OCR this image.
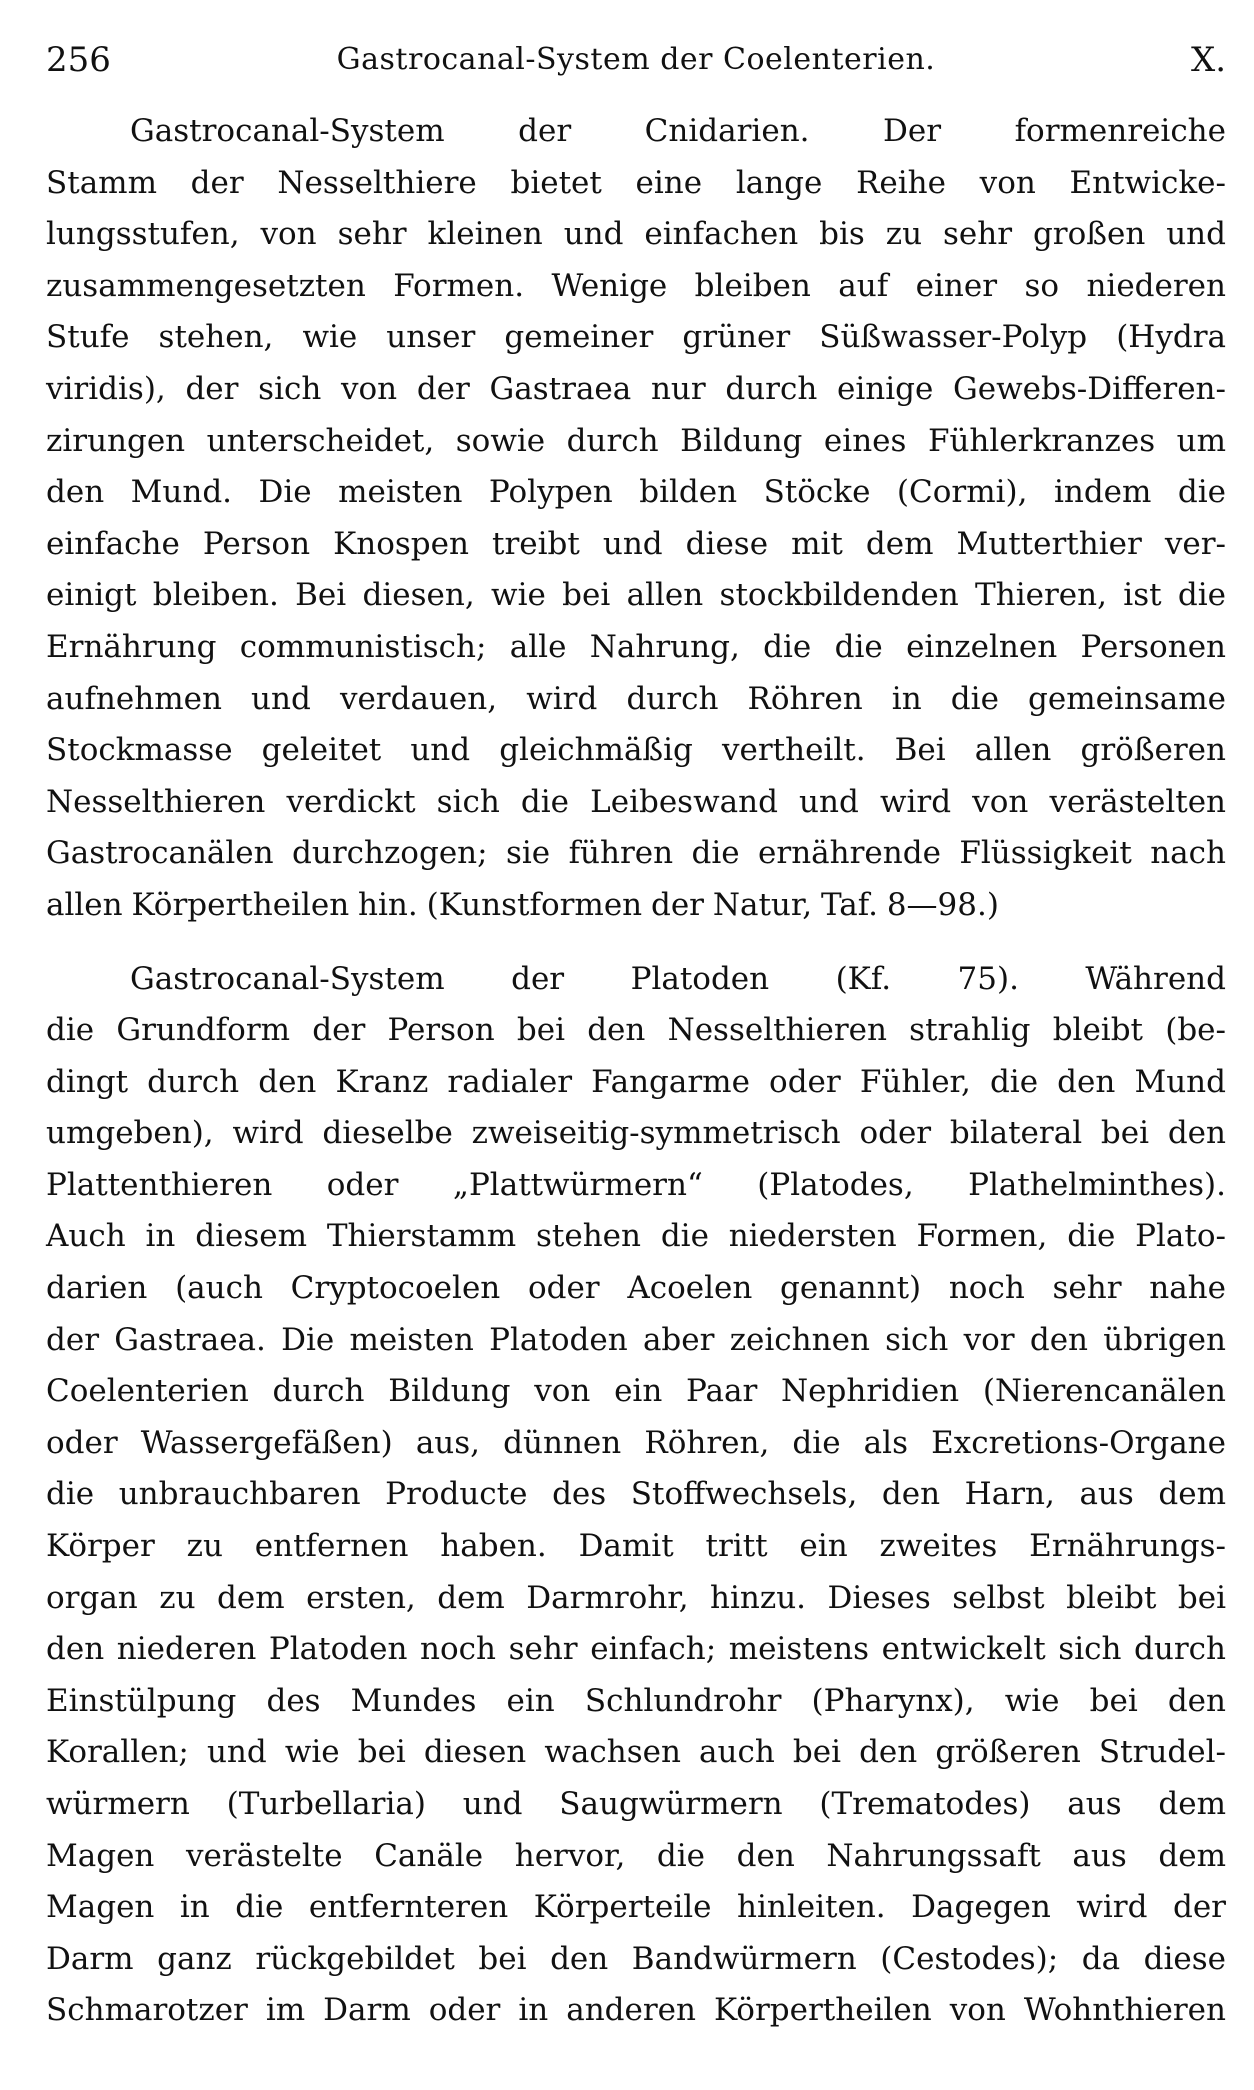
256	Gastrocanal-System der Coelenterien.	X.
Gastrocanal-System der Cnidarien. Der formenreiche
Stamm der Nesselthiere bietet eine lange Reihe von Entwicke-
lungsstufen, von sehr kleinen und einfachen bis zu sehr großen und
zusammengesetzten Formen. Wenige bleiben auf einer so niederen
Stufe stehen, wie unser gemeiner grüner Süßwasser-Polyp (Hydra
viridis), der sich von der Gastraea nur durch einige Gewebs-Differen-
zirungen unterscheidet, sowie durch Bildung eines Fühlerkranzes um
den Mund. Die meisten Polypen bilden Stöcke (Cormi), indem die
einfache Person Knospen treibt und diese mit dem Mutterthier ver-
einigt bleiben. Bei diesen, wie bei allen stockbildenden Thieren, ist die
Ernährung communistisch; alle Nahrung, die die einzelnen Personen
aufnehmen und verdauen, wird durch Röhren in die gemeinsame
Stockmasse geleitet und gleichmäßig vertheilt. Bei allen größeren
Nesselthieren verdickt sich die Leibeswand und wird von verästelten
Gastrocanälen durchzogen; sie führen die ernährende Flüssigkeit nach
allen Körpertheilen hin. (Kunstformen der Natur, Taf. 8—98.)
Gastrocanal-System der Platoden (Kf. 75). Während
die Grundform der Person bei den Nesselthieren strahlig bleibt (be-
dingt durch den Kranz radialer Fangarme oder Fühler, die den Mund
umgeben), wird dieselbe zweiseitig-symmetrisch oder bilateral bei den
Plattenthieren oder „Plattwürmern“ (Platodes, Plathelminthes).
Auch in diesem Thierstamm stehen die niedersten Formen, die Plato-
darien (auch Cryptocoelen oder Acoelen genannt) noch sehr nahe
der Gastraea. Die meisten Platoden aber zeichnen sich vor den übrigen
Coelenterien durch Bildung von ein Paar Nephridien (Nierencanälen
oder Wassergefäßen) aus, dünnen Röhren, die als Excretions-Organe
die unbrauchbaren Producte des Stoffwechsels, den Harn, aus dem
Körper zu entfernen haben. Damit tritt ein zweites Ernährungs-
organ zu dem ersten, dem Darmrohr, hinzu. Dieses selbst bleibt bei
den niederen Platoden noch sehr einfach; meistens entwickelt sich durch
Einstülpung des Mundes ein Schlundrohr (Pharynx), wie bei den
Korallen; und wie bei diesen wachsen auch bei den größeren Strudel-
würmern (Turbellaria) und Saugwürmern (Trematodes) aus dem
Magen verästelte Canäle hervor, die den Nahrungssaft aus dem
Magen in die entfernteren Körperteile hinleiten. Dagegen wird der
Darm ganz rückgebildet bei den Bandwürmern (Cestodes); da diese
Schmarotzer im Darm oder in anderen Körpertheilen von Wohnthieren
